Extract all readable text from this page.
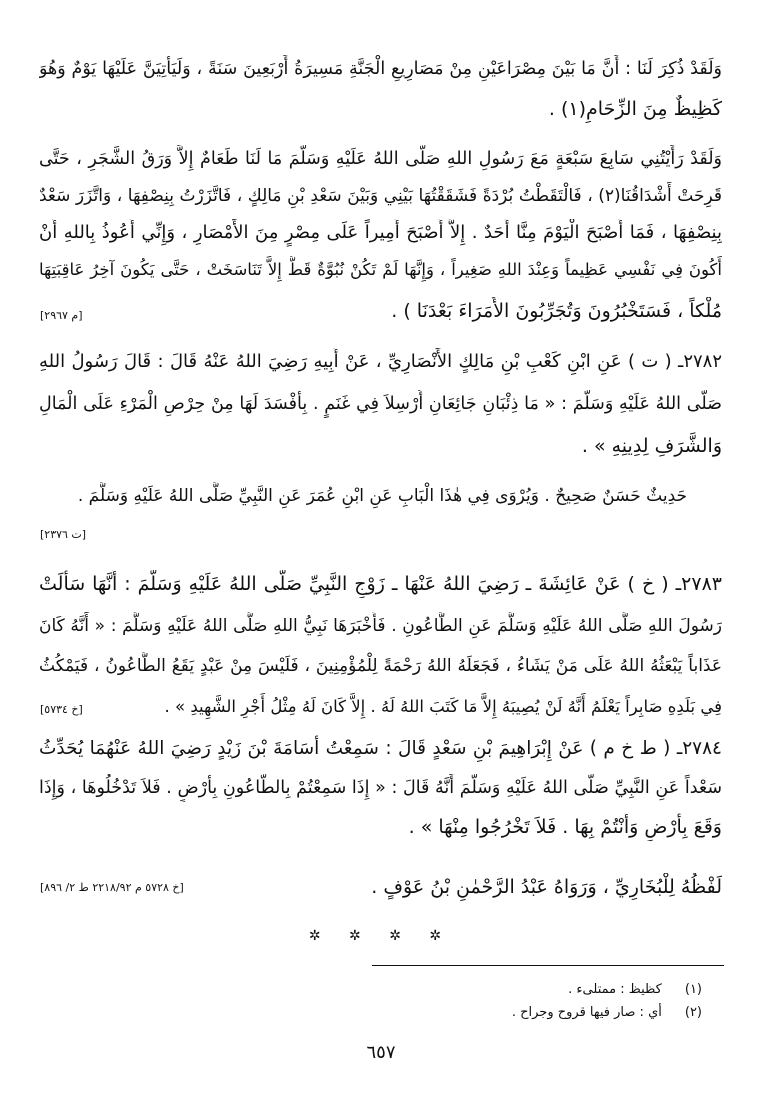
وَلَقَدْ ذُكِرَ لَنَا : أَنَّ مَا بَيْنَ مِصْرَاعَيْنِ مِنْ مَصَارِيعِ الْجَنَّةِ مَسِيرَةُ أَرْبَعِينَ سَنَةً ، وَلَيَأْتِيَنَّ عَلَيْهَا يَوْمٌ وَهُوَ
كَظِيظٌ مِنَ الزِّحَامِ(١) .
وَلَقَدْ رَأَيْتُنِي سَابِعَ سَبْعَةٍ مَعَ رَسُولِ اللهِ صَلَّى اللهُ عَلَيْهِ وَسَلَّمَ مَا لَنَا طَعَامٌ إِلاَّ وَرَقُ الشَّجَرِ ، حَتَّى
قَرِحَتْ أَشْدَاقُنَا(٢) ، فَالْتَقَطْتُ بُرْدَةً فَشَقَقْتُهَا بَيْنِي وَبَيْنَ سَعْدِ بْنِ مَالِكٍ ، فَاتَّزَرْتُ بِنِصْفِهَا ، وَاتَّزَرَ سَعْدٌ
بِنِصْفِهَا ، فَمَا أَصْبَحَ الْيَوْمَ مِنَّا أَحَدٌ . إِلاَّ أَصْبَحَ أَمِيراً عَلَى مِصْرٍ مِنَ الأَمْصَارِ ، وَإِنِّي أَعُوذُ بِاللهِ أَنْ
أَكُونَ فِي نَفْسِي عَظِيماً وَعِنْدَ اللهِ صَغِيراً ، وَإِنَّهَا لَمْ تَكُنْ نُبُوَّةٌ قَطُّ إِلاَّ تَنَاسَخَتْ ، حَتَّى يَكُونَ آخِرُ عَاقِبَتِهَا
مُلْكاً ، فَسَتَخْبُرُونَ وَتُجَرِّبُونَ الأُمَرَاءَ بَعْدَنَا ) .
[م ٢٩٦٧]
٢٧٨٢ـ ( ت ) عَنِ ابْنِ كَعْبِ بْنِ مَالِكٍ الأَنْصَارِيِّ ، عَنْ أَبِيهِ رَضِيَ اللهُ عَنْهُ قَالَ : قَالَ رَسُولُ اللهِ
صَلَّى اللهُ عَلَيْهِ وَسَلَّمَ : « مَا ذِئْبَانِ جَائِعَانِ أُرْسِلاَ فِي غَنَمٍ . بِأَفْسَدَ لَهَا مِنْ حِرْصِ الْمَرْءِ عَلَى الْمَالِ
وَالشَّرَفِ لِدِينِهِ » .
حَدِيثٌ حَسَنٌ صَحِيحٌ . وَيُرْوَى فِي هٰذَا الْبَابِ عَنِ ابْنِ عُمَرَ عَنِ النَّبِيِّ صَلَّى اللهُ عَلَيْهِ وَسَلَّمَ .
[ت ٢٣٧٦]
٢٧٨٣ـ ( خ ) عَنْ عَائِشَةَ ـ رَضِيَ اللهُ عَنْهَا ـ زَوْجِ النَّبِيِّ صَلَّى اللهُ عَلَيْهِ وَسَلَّمَ : أَنَّهَا سَأَلَتْ
رَسُولَ اللهِ صَلَّى اللهُ عَلَيْهِ وَسَلَّمَ عَنِ الطَّاعُونِ . فَأَخْبَرَهَا نَبِيُّ اللهِ صَلَّى اللهُ عَلَيْهِ وَسَلَّمَ : « أَنَّهُ كَانَ
عَذَاباً يَبْعَثُهُ اللهُ عَلَى مَنْ يَشَاءُ ، فَجَعَلَهُ اللهُ رَحْمَةً لِلْمُؤْمِنِينَ ، فَلَيْسَ مِنْ عَبْدٍ يَقَعُ الطَّاعُونُ ، فَيَمْكُثُ
فِي بَلَدِهِ صَابِراً يَعْلَمُ أَنَّهُ لَنْ يُصِيبَهُ إِلاَّ مَا كَتَبَ اللهُ لَهُ . إِلاَّ كَانَ لَهُ مِثْلُ أَجْرِ الشَّهِيدِ » .
[خ ٥٧٣٤]
٢٧٨٤ـ ( ط خ م ) عَنْ إِبْرَاهِيمَ بْنِ سَعْدٍ قَالَ : سَمِعْتُ أُسَامَةَ بْنَ زَيْدٍ رَضِيَ اللهُ عَنْهُمَا يُحَدِّثُ
سَعْداً عَنِ النَّبِيِّ صَلَّى اللهُ عَلَيْهِ وَسَلَّمَ أَنَّهُ قَالَ : « إِذَا سَمِعْتُمْ بِالطَّاعُونِ بِأَرْضٍ . فَلاَ تَدْخُلُوهَا ، وَإِذَا
وَقَعَ بِأَرْضٍ وَأَنْتُمْ بِهَا . فَلاَ تَخْرُجُوا مِنْهَا » .
لَفْظُهُ لِلْبُخَارِيِّ ، وَرَوَاهُ عَبْدُ الرَّحْمٰنِ بْنُ عَوْفٍ .
[خ ٥٧٢٨ م ٢٢١٨/٩٢ ط ٢/ ٨٩٦]
✲ ✲ ✲ ✲
(١) كظيظ : ممتلىء .
(٢) أي : صار فيها قروح وجراح .
٦٥٧
